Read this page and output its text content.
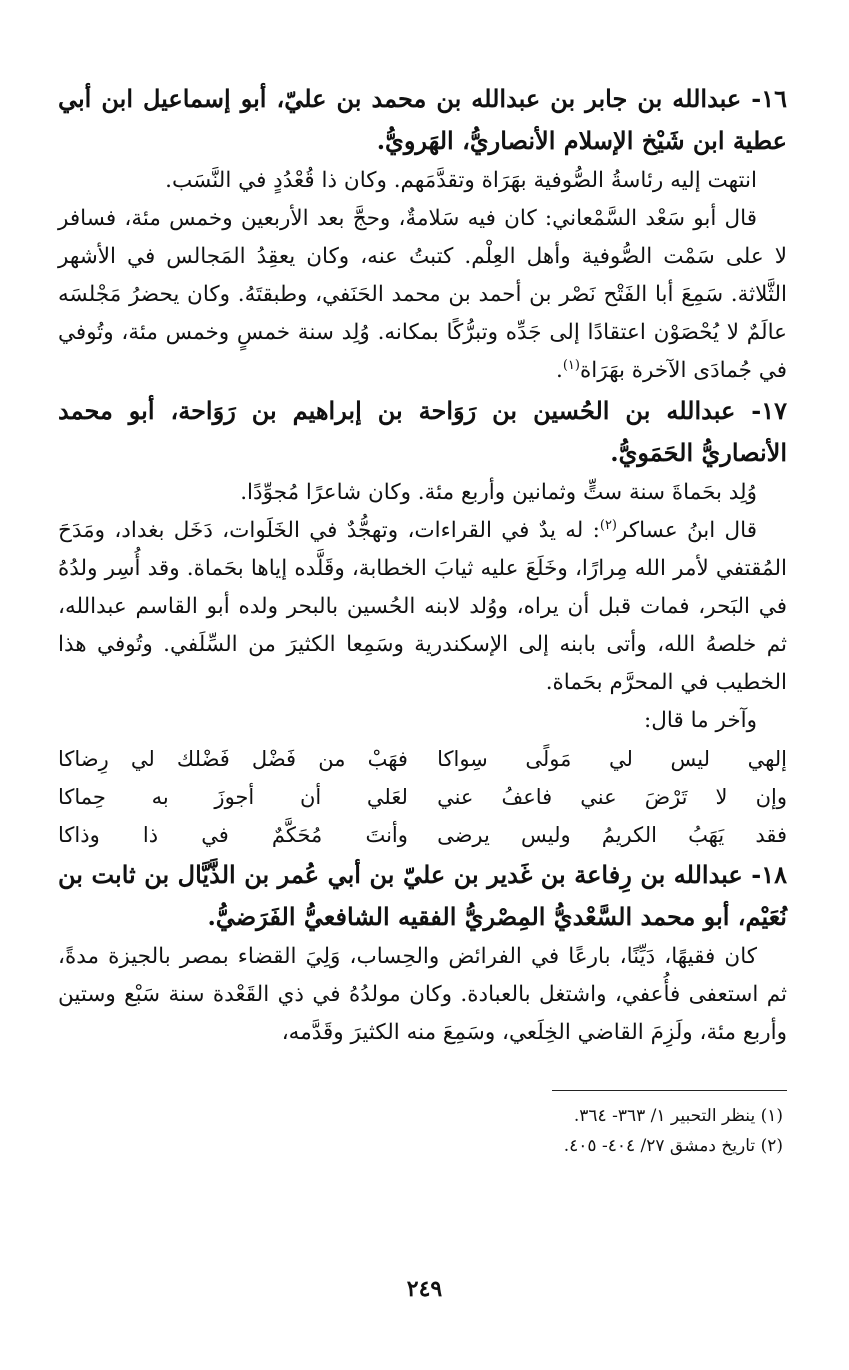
١٦- عبدالله بن جابر بن عبدالله بن محمد بن عليّ، أبو إسماعيل ابن أبي عطية ابن شَيْخ الإسلام الأنصاريُّ، الهَرويُّ.

انتهت إليه رئاسةُ الصُّوفية بهَرَاة وتقدَّمَهم. وكان ذا قُعْدُدٍ في النَّسَب.

قال أبو سَعْد السَّمْعاني: كان فيه سَلامةٌ، وحجَّ بعد الأربعين وخمس مئة، فسافر لا على سَمْت الصُّوفية وأهل العِلْم. كتبتُ عنه، وكان يعقِدُ المَجالس في الأشهر الثَّلاثة. سَمِعَ أبا الفَتْح نَصْر بن أحمد بن محمد الحَنَفي، وطبقتَهُ. وكان يحضرُ مَجْلسَه عالَمٌ لا يُحْصَوْن اعتقادًا إلى جَدِّه وتبرُّكًا بمكانه. وُلِد سنة خمسٍ وخمس مئة، وتُوفي في جُمادَى الآخرة بهَرَاة$^{(١)}$.

١٧- عبدالله بن الحُسين بن رَوَاحة بن إبراهيم بن رَوَاحة، أبو محمد الأنصاريُّ الحَمَويُّ.

وُلِد بحَماةَ سنة ستٍّ وثمانين وأربع مئة. وكان شاعرًا مُجوِّدًا.

قال ابنُ عساكر$^{(٢)}$: له يدٌ في القراءات، وتهجُّدٌ في الخَلَوات، دَخَل بغداد، ومَدَحَ المُقتفي لأمر الله مِرارًا، وخَلَعَ عليه ثيابَ الخطابة، وقَلَّده إياها بحَماة. وقد أُسِر ولدُهُ في البَحر، فمات قبل أن يراه، ووُلد لابنه الحُسين بالبحر ولده أبو القاسم عبدالله، ثم خلصهُ الله، وأتى بابنه إلى الإسكندرية وسَمِعا الكثيرَ من السِّلَفي. وتُوفي هذا الخطيب في المحرَّم بحَماة.

وآخر ما قال:

إلهي ليس لي مَولًى سِواكا
فهَبْ من فَضْل فَضْلك لي رِضاكا
وإن لا تَرْضَ عني فاعفُ عني
لعَلي أن أجوزَ به حِماكا
فقد يَهَبُ الكريمُ وليس يرضى
وأنتَ مُحَكَّمٌ في ذا وذاكا

١٨- عبدالله بن رِفاعة بن غَدير بن عليّ بن أبي عُمر بن الذَّيَّال بن ثابت بن نُعَيْم، أبو محمد السَّعْديُّ المِصْريُّ الفقيه الشافعيُّ الفَرَضيُّ.

كان فقيهًا، دَيِّنًا، بارعًا في الفرائض والحِساب، وَلِيَ القضاء بمصر بالجيزة مدةً، ثم استعفى فأُعفي، واشتغل بالعبادة. وكان مولدُهُ في ذي القَعْدة سنة سَبْع وستين وأربع مئة، ولَزِمَ القاضي الخِلَعي، وسَمِعَ منه الكثيرَ وقَدَّمه،

(١) ينظر التحبير ١/ ٣٦٣- ٣٦٤.

(٢) تاريخ دمشق ٢٧/ ٤٠٤- ٤٠٥.

٢٤٩
